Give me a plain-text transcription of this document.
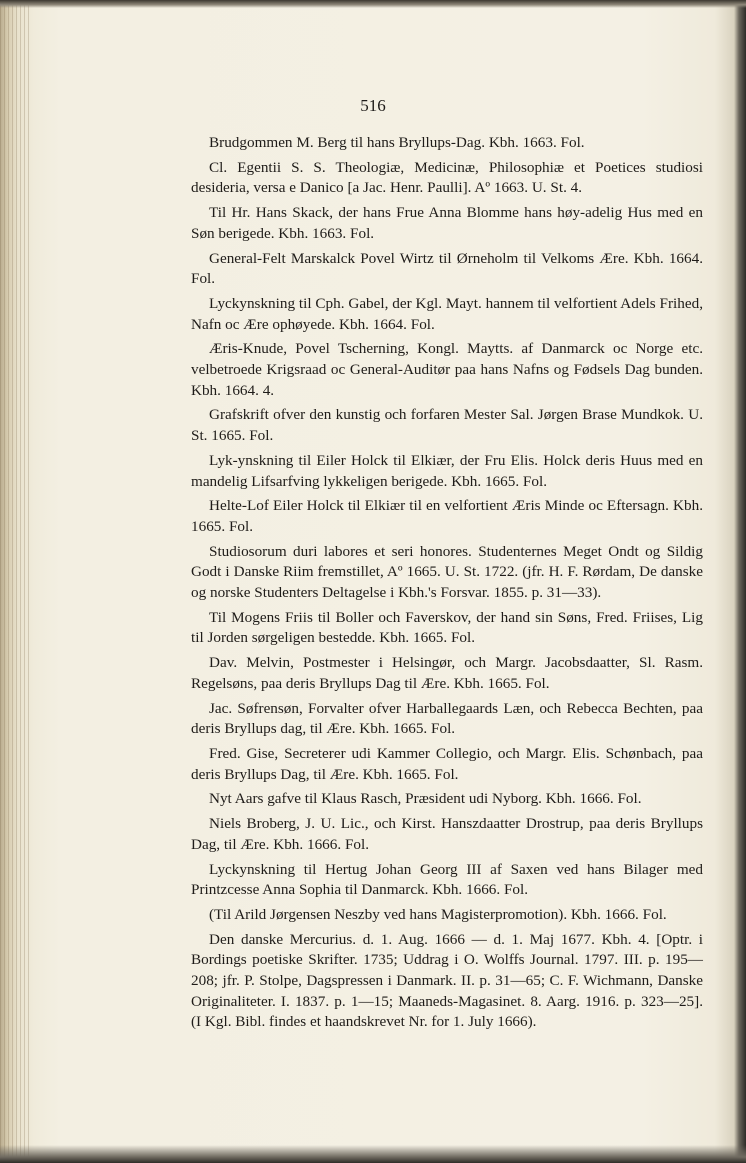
516

Brudgommen M. Berg til hans Bryllups-Dag. Kbh. 1663. Fol.

Cl. Egentii S. S. Theologiæ, Medicinæ, Philosophiæ et Poetices studiosi desideria, versa e Danico [a Jac. Henr. Paulli]. Aº 1663. U. St. 4.

Til Hr. Hans Skack, der hans Frue Anna Blomme hans høy-adelig Hus med en Søn berigede. Kbh. 1663. Fol.

General-Felt Marskalck Povel Wirtz til Ørneholm til Velkoms Ære. Kbh. 1664. Fol.

Lyckynskning til Cph. Gabel, der Kgl. Mayt. hannem til velfortient Adels Frihed, Nafn oc Ære ophøyede. Kbh. 1664. Fol.

Æris-Knude, Povel Tscherning, Kongl. Maytts. af Danmarck oc Norge etc. velbetroede Krigsraad oc General-Auditør paa hans Nafns og Fødsels Dag bunden. Kbh. 1664. 4.

Grafskrift ofver den kunstig och forfaren Mester Sal. Jørgen Brase Mundkok. U. St. 1665. Fol.

Lyk-ynskning til Eiler Holck til Elkiær, der Fru Elis. Holck deris Huus med en mandelig Lifsarfving lykkeligen berigede. Kbh. 1665. Fol.

Helte-Lof Eiler Holck til Elkiær til en velfortient Æris Minde oc Eftersagn. Kbh. 1665. Fol.

Studiosorum duri labores et seri honores. Studenternes Meget Ondt og Sildig Godt i Danske Riim fremstillet, Aº 1665. U. St. 1722. (jfr. H. F. Rørdam, De danske og norske Studenters Deltagelse i Kbh.'s Forsvar. 1855. p. 31—33).

Til Mogens Friis til Boller och Faverskov, der hand sin Søns, Fred. Friises, Lig til Jorden sørgeligen bestedde. Kbh. 1665. Fol.

Dav. Melvin, Postmester i Helsingør, och Margr. Jacobsdaatter, Sl. Rasm. Regelsøns, paa deris Bryllups Dag til Ære. Kbh. 1665. Fol.

Jac. Søfrensøn, Forvalter ofver Harballegaards Læn, och Rebecca Bechten, paa deris Bryllups dag, til Ære. Kbh. 1665. Fol.

Fred. Gise, Secreterer udi Kammer Collegio, och Margr. Elis. Schønbach, paa deris Bryllups Dag, til Ære. Kbh. 1665. Fol.

Nyt Aars gafve til Klaus Rasch, Præsident udi Nyborg. Kbh. 1666. Fol.

Niels Broberg, J. U. Lic., och Kirst. Hanszdaatter Drostrup, paa deris Bryllups Dag, til Ære. Kbh. 1666. Fol.

Lyckynskning til Hertug Johan Georg III af Saxen ved hans Bilager med Printzcesse Anna Sophia til Danmarck. Kbh. 1666. Fol.

(Til Arild Jørgensen Neszby ved hans Magisterpromotion). Kbh. 1666. Fol.

Den danske Mercurius. d. 1. Aug. 1666 — d. 1. Maj 1677. Kbh. 4. [Optr. i Bordings poetiske Skrifter. 1735; Uddrag i O. Wolffs Journal. 1797. III. p. 195—208; jfr. P. Stolpe, Dagspressen i Danmark. II. p. 31—65; C. F. Wichmann, Danske Originaliteter. I. 1837. p. 1—15; Maaneds-Magasinet. 8. Aarg. 1916. p. 323—25]. (I Kgl. Bibl. findes et haandskrevet Nr. for 1. July 1666).
